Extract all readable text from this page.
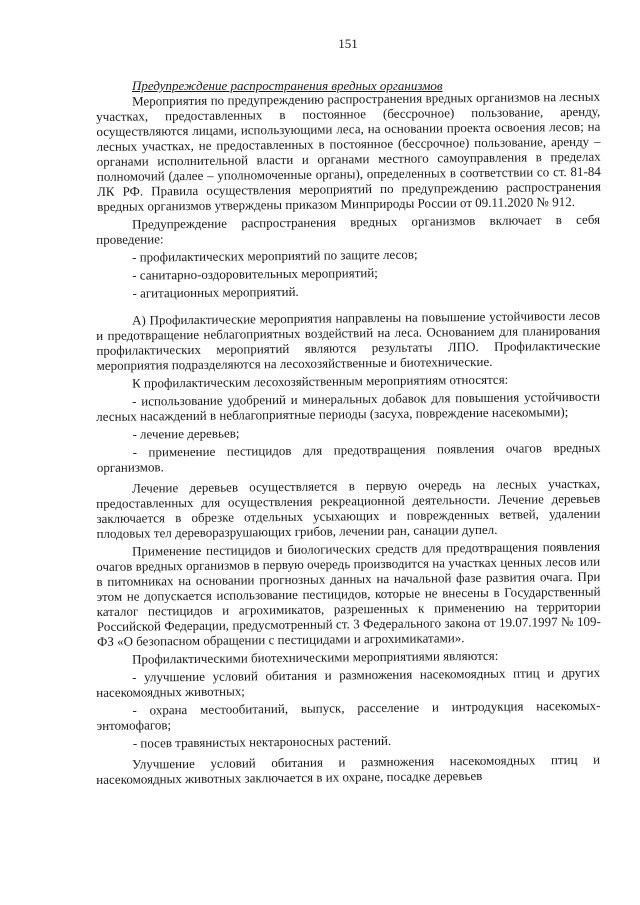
151
Предупреждение распространения вредных организмов

Мероприятия по предупреждению распространения вредных организмов на лесных участках, предоставленных в постоянное (бессрочное) пользование, аренду, осуществляются лицами, использующими леса, на основании проекта освоения лесов; на лесных участках, не предоставленных в постоянное (бессрочное) пользование, аренду – органами исполнительной власти и органами местного самоуправления в пределах полномочий (далее – уполномоченные органы), определенных в соответствии со ст. 81-84 ЛК РФ. Правила осуществления мероприятий по предупреждению распространения вредных организмов утверждены приказом Минприроды России от 09.11.2020 № 912.

Предупреждение распространения вредных организмов включает в себя проведение:

- профилактических мероприятий по защите лесов;
- санитарно-оздоровительных мероприятий;
- агитационных мероприятий.

А) Профилактические мероприятия направлены на повышение устойчивости лесов и предотвращение неблагоприятных воздействий на леса. Основанием для планирования профилактических мероприятий являются результаты ЛПО. Профилактические мероприятия подразделяются на лесохозяйственные и биотехнические.

К профилактическим лесохозяйственным мероприятиям относятся:

- использование удобрений и минеральных добавок для повышения устойчивости лесных насаждений в неблагоприятные периоды (засуха, повреждение насекомыми);
- лечение деревьев;
- применение пестицидов для предотвращения появления очагов вредных организмов.

Лечение деревьев осуществляется в первую очередь на лесных участках, предоставленных для осуществления рекреационной деятельности. Лечение деревьев заключается в обрезке отдельных усыхающих и поврежденных ветвей, удалении плодовых тел дереворазрушающих грибов, лечении ран, санации дупел.

Применение пестицидов и биологических средств для предотвращения появления очагов вредных организмов в первую очередь производится на участках ценных лесов или в питомниках на основании прогнозных данных на начальной фазе развития очага. При этом не допускается использование пестицидов, которые не внесены в Государственный каталог пестицидов и агрохимикатов, разрешенных к применению на территории Российской Федерации, предусмотренный ст. 3 Федерального закона от 19.07.1997 № 109-ФЗ «О безопасном обращении с пестицидами и агрохимикатами».

Профилактическими биотехническими мероприятиями являются:

- улучшение условий обитания и размножения насекомоядных птиц и других насекомоядных животных;
- охрана местообитаний, выпуск, расселение и интродукция насекомых-энтомофагов;
- посев травянистых нектароносных растений.

Улучшение условий обитания и размножения насекомоядных птиц и насекомоядных животных заключается в их охране, посадке деревьев
